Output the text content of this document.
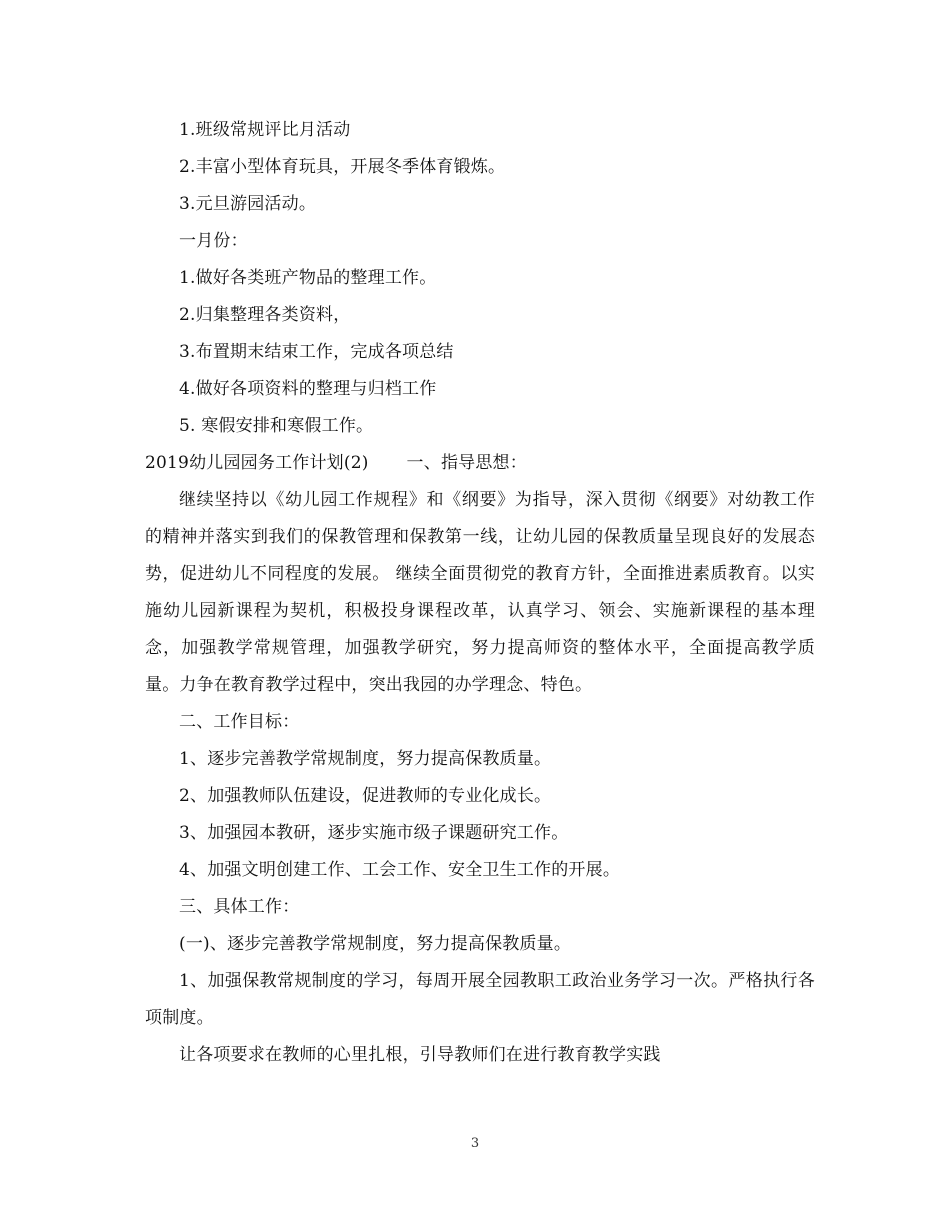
1.班级常规评比月活动

2.丰富小型体育玩具，开展冬季体育锻炼。

3.元旦游园活动。

一月份：

1.做好各类班产物品的整理工作。

2.归集整理各类资料，

3.布置期末结束工作，完成各项总结

4.做好各项资料的整理与归档工作

5. 寒假安排和寒假工作。

2019幼儿园园务工作计划(2) 一、指导思想：

继续坚持以《幼儿园工作规程》和《纲要》为指导，深入贯彻《纲要》对幼教工作的精神并落实到我们的保教管理和保教第一线，让幼儿园的保教质量呈现良好的发展态势，促进幼儿不同程度的发展。 继续全面贯彻党的教育方针，全面推进素质教育。以实施幼儿园新课程为契机，积极投身课程改革，认真学习、领会、实施新课程的基本理念，加强教学常规管理，加强教学研究，努力提高师资的整体水平，全面提高教学质量。力争在教育教学过程中，突出我园的办学理念、特色。

二、工作目标：

1、逐步完善教学常规制度，努力提高保教质量。

2、加强教师队伍建设，促进教师的专业化成长。

3、加强园本教研，逐步实施市级子课题研究工作。

4、加强文明创建工作、工会工作、安全卫生工作的开展。

三、具体工作：

(一)、逐步完善教学常规制度，努力提高保教质量。

1、加强保教常规制度的学习，每周开展全园教职工政治业务学习一次。严格执行各项制度。

让各项要求在教师的心里扎根，引导教师们在进行教育教学实践

3
